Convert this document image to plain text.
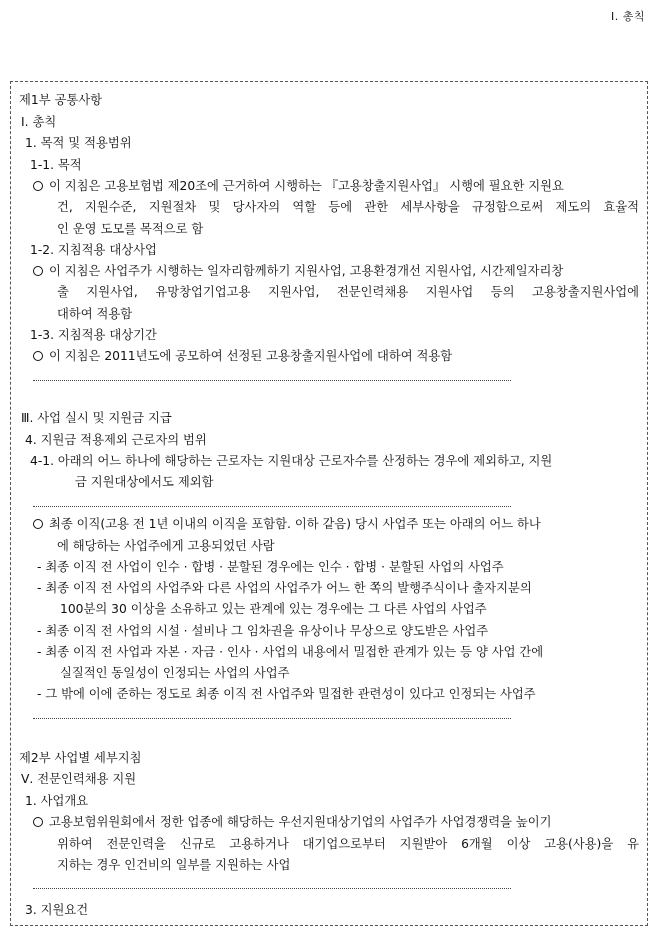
Ⅰ. 총칙
제1부 공통사항
Ⅰ. 총칙
1. 목적 및 적용범위
1-1. 목적
이 지침은 고용보험법 제20조에 근거하여 시행하는 『고용창출지원사업』 시행에 필요한 지원요
건, 지원수준, 지원절차 및 당사자의 역할 등에 관한 세부사항을 규정함으로써 제도의 효율적
인 운영 도모를 목적으로 함
1-2. 지침적용 대상사업
이 지침은 사업주가 시행하는 일자리함께하기 지원사업, 고용환경개선 지원사업, 시간제일자리창
출 지원사업, 유망창업기업고용 지원사업, 전문인력채용 지원사업 등의 고용창출지원사업에
대하여 적용함
1-3. 지침적용 대상기간
이 지침은 2011년도에 공모하여 선정된 고용창출지원사업에 대하여 적용함
Ⅲ. 사업 실시 및 지원금 지급
4. 지원금 적용제외 근로자의 범위
4-1. 아래의 어느 하나에 해당하는 근로자는 지원대상 근로자수를 산정하는 경우에 제외하고, 지원
금 지원대상에서도 제외함
최종 이직(고용 전 1년 이내의 이직을 포함함. 이하 같음) 당시 사업주 또는 아래의 어느 하나
에 해당하는 사업주에게 고용되었던 사람
- 최종 이직 전 사업이 인수 · 합병 · 분할된 경우에는 인수 · 합병 · 분할된 사업의 사업주
- 최종 이직 전 사업의 사업주와 다른 사업의 사업주가 어느 한 쪽의 발행주식이나 출자지분의
100분의 30 이상을 소유하고 있는 관계에 있는 경우에는 그 다른 사업의 사업주
- 최종 이직 전 사업의 시설 · 설비나 그 임차권을 유상이나 무상으로 양도받은 사업주
- 최종 이직 전 사업과 자본 · 자금 · 인사 · 사업의 내용에서 밀접한 관계가 있는 등 양 사업 간에
실질적인 동일성이 인정되는 사업의 사업주
- 그 밖에 이에 준하는 정도로 최종 이직 전 사업주와 밀접한 관련성이 있다고 인정되는 사업주
제2부 사업별 세부지침
Ⅴ. 전문인력채용 지원
1. 사업개요
고용보험위원회에서 정한 업종에 해당하는 우선지원대상기업의 사업주가 사업경쟁력을 높이기
위하여 전문인력을 신규로 고용하거나 대기업으로부터 지원받아 6개월 이상 고용(사용)을 유
지하는 경우 인건비의 일부를 지원하는 사업
3. 지원요건
